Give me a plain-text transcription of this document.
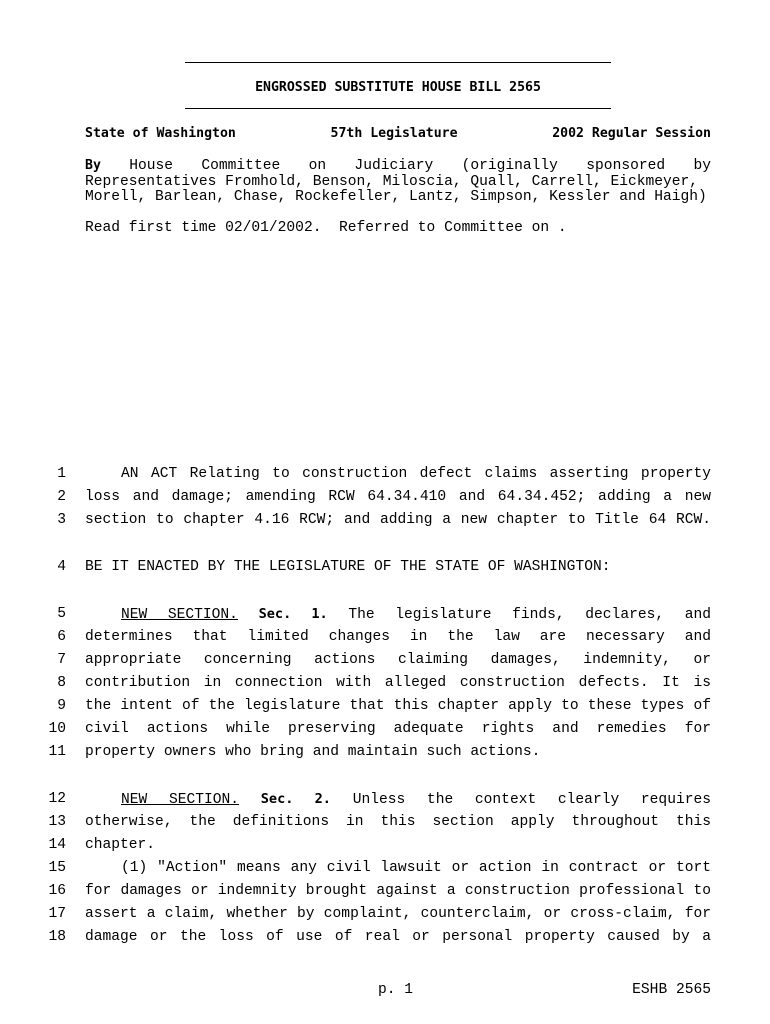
ENGROSSED SUBSTITUTE HOUSE BILL 2565
State of Washington	57th Legislature	2002 Regular Session
By House Committee on Judiciary (originally sponsored by
Representatives Fromhold, Benson, Miloscia, Quall, Carrell, Eickmeyer,
Morell, Barlean, Chase, Rockefeller, Lantz, Simpson, Kessler and Haigh)
Read first time 02/01/2002.  Referred to Committee on .
1	AN ACT Relating to construction defect claims asserting property
2 loss and damage; amending RCW 64.34.410 and 64.34.452; adding a new
3 section to chapter 4.16 RCW; and adding a new chapter to Title 64 RCW.
4 BE IT ENACTED BY THE LEGISLATURE OF THE STATE OF WASHINGTON:
5	NEW SECTION. Sec. 1. The legislature finds, declares, and
6 determines that limited changes in the law are necessary and
7 appropriate concerning actions claiming damages, indemnity, or
8 contribution in connection with alleged construction defects. It is
9 the intent of the legislature that this chapter apply to these types of
10 civil actions while preserving adequate rights and remedies for
11 property owners who bring and maintain such actions.
12	NEW SECTION. Sec. 2. Unless the context clearly requires
13 otherwise, the definitions in this section apply throughout this
14 chapter.
15	(1) "Action" means any civil lawsuit or action in contract or tort
16 for damages or indemnity brought against a construction professional to
17 assert a claim, whether by complaint, counterclaim, or cross-claim, for
18 damage or the loss of use of real or personal property caused by a
p. 1	ESHB 2565
